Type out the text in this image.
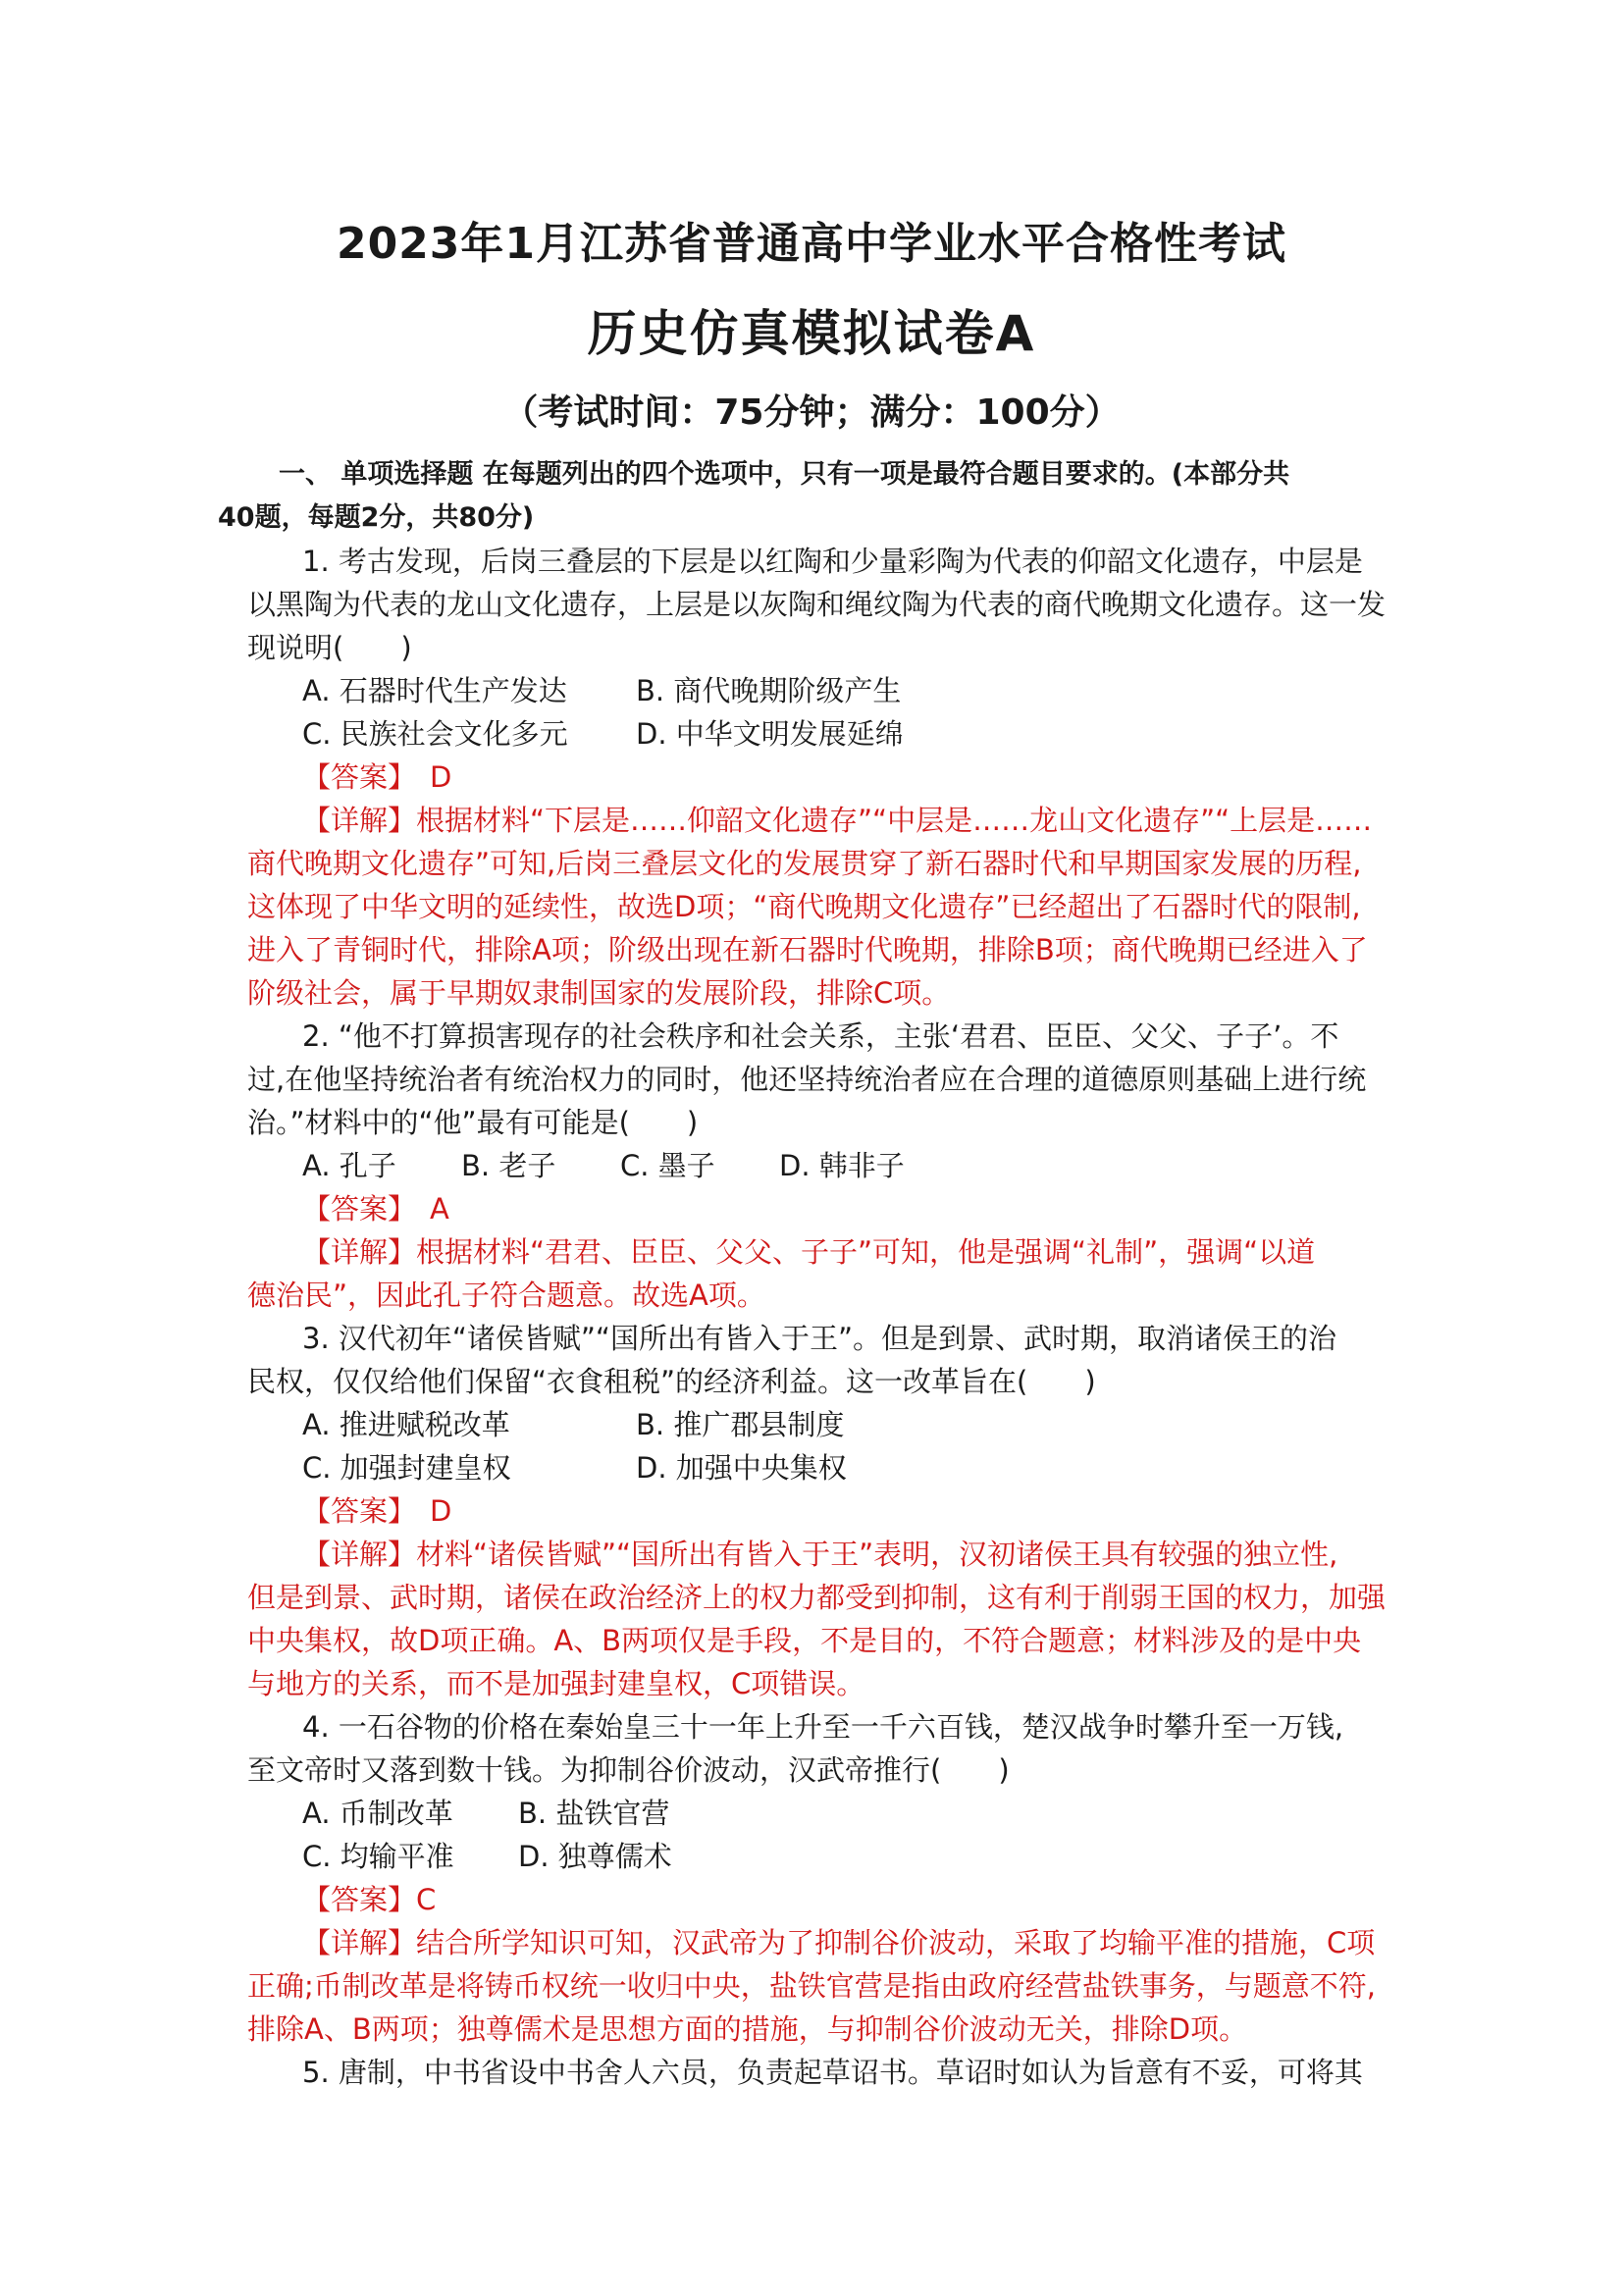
2023年1月江苏省普通高中学业水平合格性考试
历史仿真模拟试卷A
（考试时间：75分钟；满分：100分）
一、 单项选择题 在每题列出的四个选项中，只有一项是最符合题目要求的。(本部分共
40题，每题2分，共80分)
1. 考古发现，后岗三叠层的下层是以红陶和少量彩陶为代表的仰韶文化遗存，中层是
以黑陶为代表的龙山文化遗存，上层是以灰陶和绳纹陶为代表的商代晚期文化遗存。这一发
现说明(　　)
A. 石器时代生产发达	B. 商代晚期阶级产生
C. 民族社会文化多元	D. 中华文明发展延绵
【答案】 D
【详解】根据材料“下层是……仰韶文化遗存”“中层是……龙山文化遗存”“上层是……
商代晚期文化遗存”可知,后岗三叠层文化的发展贯穿了新石器时代和早期国家发展的历程,
这体现了中华文明的延续性，故选D项；“商代晚期文化遗存”已经超出了石器时代的限制,
进入了青铜时代，排除A项；阶级出现在新石器时代晚期，排除B项；商代晚期已经进入了
阶级社会，属于早期奴隶制国家的发展阶段，排除C项。
2. “他不打算损害现存的社会秩序和社会关系，主张‘君君、臣臣、父父、子子’。不
过,在他坚持统治者有统治权力的同时，他还坚持统治者应在合理的道德原则基础上进行统
治。”材料中的“他”最有可能是(　　)
A. 孔子	B. 老子	C. 墨子	D. 韩非子
【答案】 A
【详解】根据材料“君君、臣臣、父父、子子”可知，他是强调“礼制”，强调“以道
德治民”，因此孔子符合题意。故选A项。
3. 汉代初年“诸侯皆赋”“国所出有皆入于王”。但是到景、武时期，取消诸侯王的治
民权，仅仅给他们保留“衣食租税”的经济利益。这一改革旨在(　　)
A. 推进赋税改革	B. 推广郡县制度
C. 加强封建皇权	D. 加强中央集权
【答案】 D
【详解】材料“诸侯皆赋”“国所出有皆入于王”表明，汉初诸侯王具有较强的独立性,
但是到景、武时期，诸侯在政治经济上的权力都受到抑制，这有利于削弱王国的权力，加强
中央集权，故D项正确。A、B两项仅是手段，不是目的，不符合题意；材料涉及的是中央
与地方的关系，而不是加强封建皇权，C项错误。
4. 一石谷物的价格在秦始皇三十一年上升至一千六百钱，楚汉战争时攀升至一万钱,
至文帝时又落到数十钱。为抑制谷价波动，汉武帝推行(　　)
A. 币制改革	B. 盐铁官营
C. 均输平准	D. 独尊儒术
【答案】C
【详解】结合所学知识可知，汉武帝为了抑制谷价波动，采取了均输平准的措施，C项
正确;币制改革是将铸币权统一收归中央，盐铁官营是指由政府经营盐铁事务，与题意不符,
排除A、B两项；独尊儒术是思想方面的措施，与抑制谷价波动无关，排除D项。
5. 唐制，中书省设中书舍人六员，负责起草诏书。草诏时如认为旨意有不妥，可将其
